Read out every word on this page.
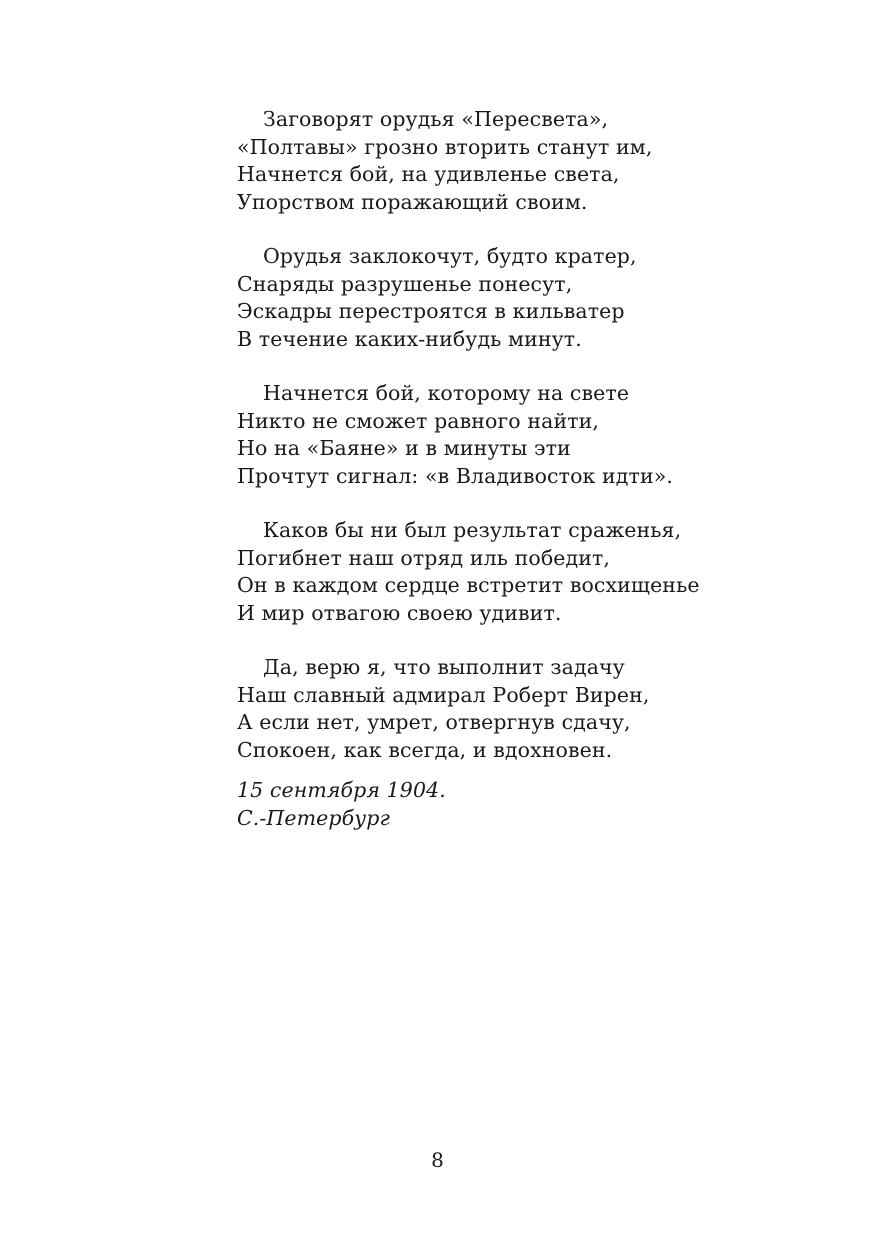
Заговорят орудья «Пересвета»,
«Полтавы» грозно вторить станут им,
Начнется бой, на удивленье света,
Упорством поражающий своим.
Орудья заклокочут, будто кратер,
Снаряды разрушенье понесут,
Эскадры перестроятся в кильватер
В течение каких-нибудь минут.
Начнется бой, которому на свете
Никто не сможет равного найти,
Но на «Баяне» и в минуты эти
Прочтут сигнал: «в Владивосток идти».
Каков бы ни был результат сраженья,
Погибнет наш отряд иль победит,
Он в каждом сердце встретит восхищенье
И мир отвагою своею удивит.
Да, верю я, что выполнит задачу
Наш славный адмирал Роберт Вирен,
А если нет, умрет, отвергнув сдачу,
Спокоен, как всегда, и вдохновен.
15 сентября 1904.
С.-Петербург
8
